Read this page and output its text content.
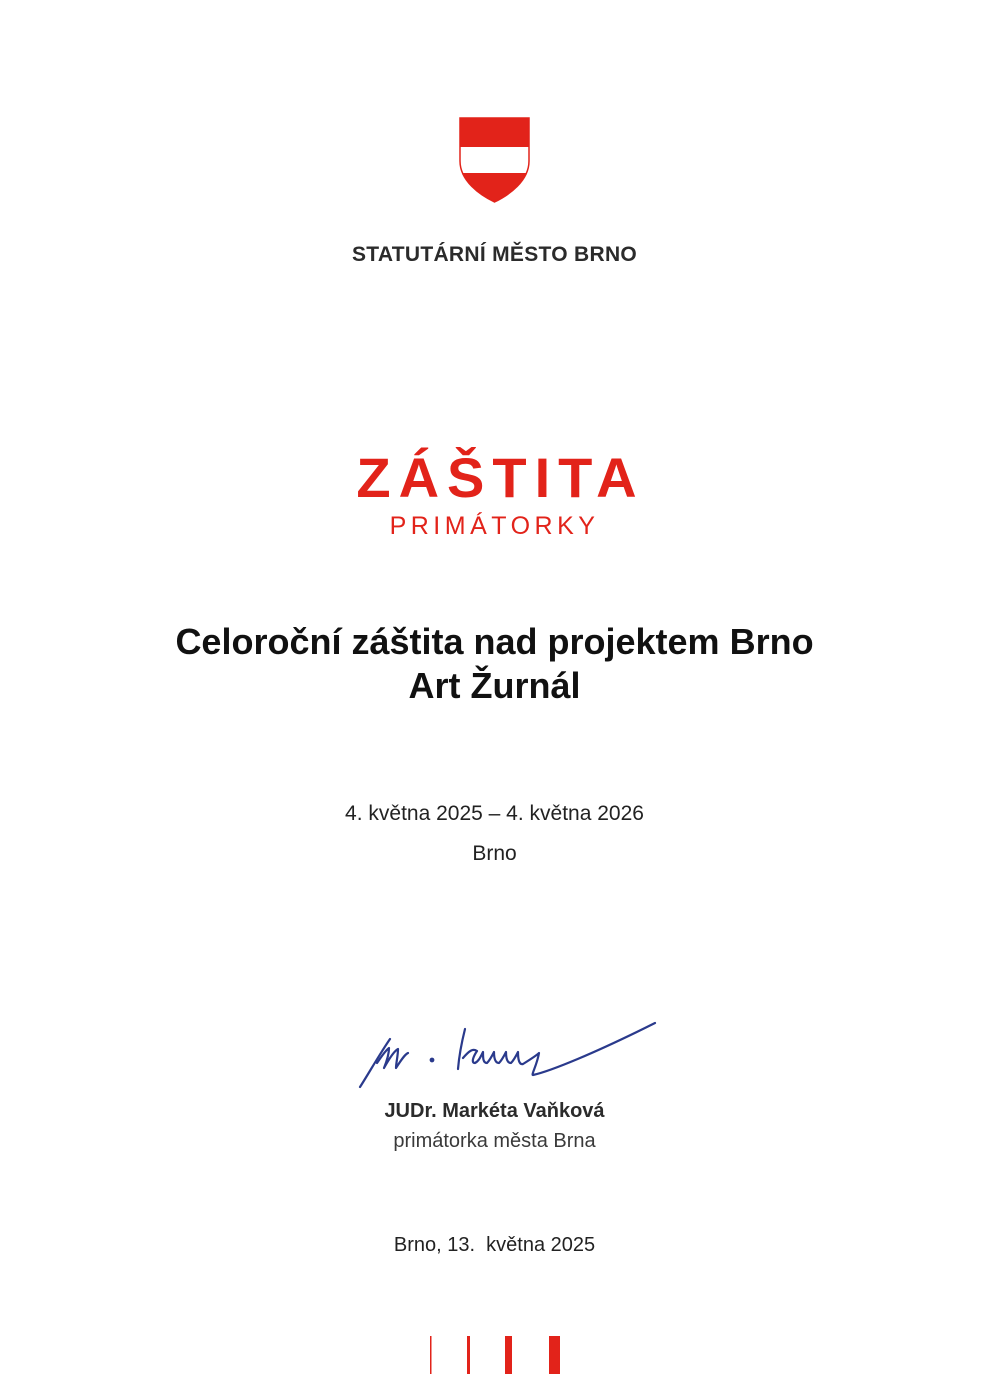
STATUTÁRNÍ MĚSTO BRNO
ZÁŠTITA
PRIMÁTORKY
Celoroční záštita nad projektem Brno
Art Žurnál
4. května 2025 – 4. května 2026
Brno
JUDr. Markéta Vaňková
primátorka města Brna
Brno, 13.  května 2025
